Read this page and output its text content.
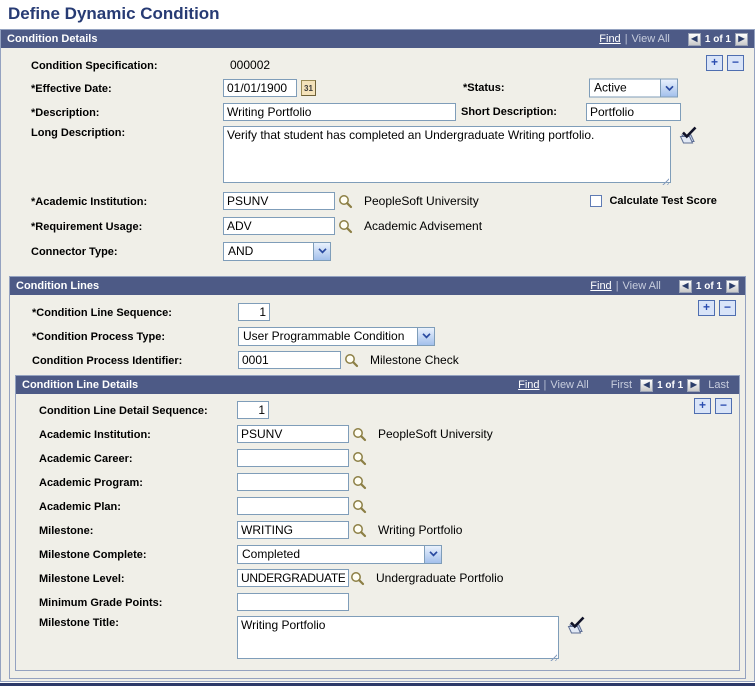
Define Dynamic Condition
Condition Details	Find | View All	◀ 1 of 1 ▶
+	−
Condition Specification:	000002
*Effective Date:
01/01/1900	31	*Status:	Active
*Description:
Writing Portfolio	Short Description:
Portfolio
Long Description:
Verify that student has completed an Undergraduate Writing portfolio.
*Academic Institution:
PSUNV	PeopleSoft University	Calculate Test Score
*Requirement Usage:
ADV	Academic Advisement
Connector Type:	AND
Condition Lines	Find | View All	◀ 1 of 1 ▶
+	−
*Condition Line Sequence:
1
*Condition Process Type:	User Programmable Condition
Condition Process Identifier:
0001	Milestone Check
Condition Line Details	Find | View All First	◀ 1 of 1 ▶	Last
+	−
Condition Line Detail Sequence:
1
Academic Institution:
PSUNV	PeopleSoft University
Academic Career:
Academic Program:
Academic Plan:
Milestone:
WRITING	Writing Portfolio
Milestone Complete:	Completed
Milestone Level:
UNDERGRADUATE	Undergraduate Portfolio
Minimum Grade Points:
Milestone Title:
Writing Portfolio
